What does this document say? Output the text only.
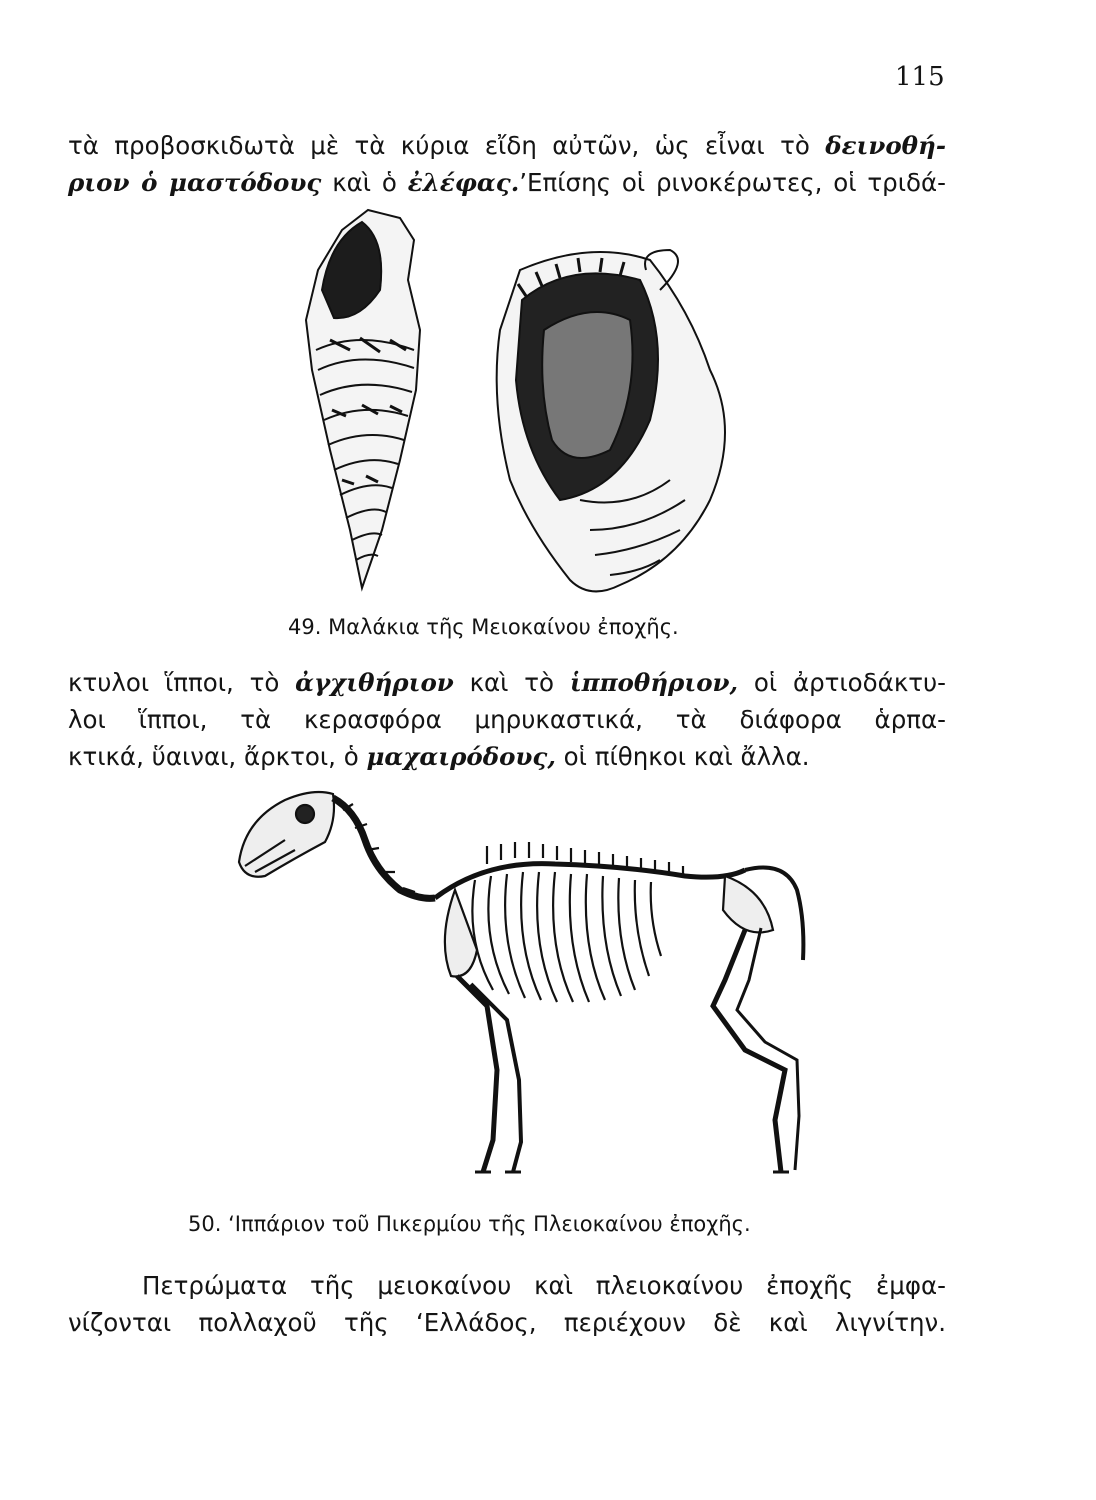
115
τὰ προβοσκιδωτὰ μὲ τὰ κύρια εἴδη αὐτῶν, ὡς εἶναι τὸ δεινοθή-
ριον ὁ μαστόδους καὶ ὁ ἐλέφας.’Επίσης οἱ ρινοκέρωτες, οἱ τριδά-
49. Μαλάκια τῆς Μειοκαίνου ἐποχῆς.
κτυλοι ἵπποι, τὸ ἀγχιθήριον καὶ τὸ ἱπποθήριον, οἱ ἀρτιοδάκτυ-
λοι ἵπποι, τὰ κερασφόρα μηρυκαστικά, τὰ διάφορα ἁρπα-
κτικά, ὕαιναι, ἄρκτοι, ὁ μαχαιρόδους, οἱ πίθηκοι καὶ ἄλλα.
50. ‘Ιππάριον τοῦ Πικερμίου τῆς Πλειοκαίνου ἐποχῆς.
Πετρώματα τῆς μειοκαίνου καὶ πλειοκαίνου ἐποχῆς ἐμφα-
νίζονται πολλαχοῦ τῆς ‘Ελλάδος, περιέχουν δὲ καὶ λιγνίτην.
